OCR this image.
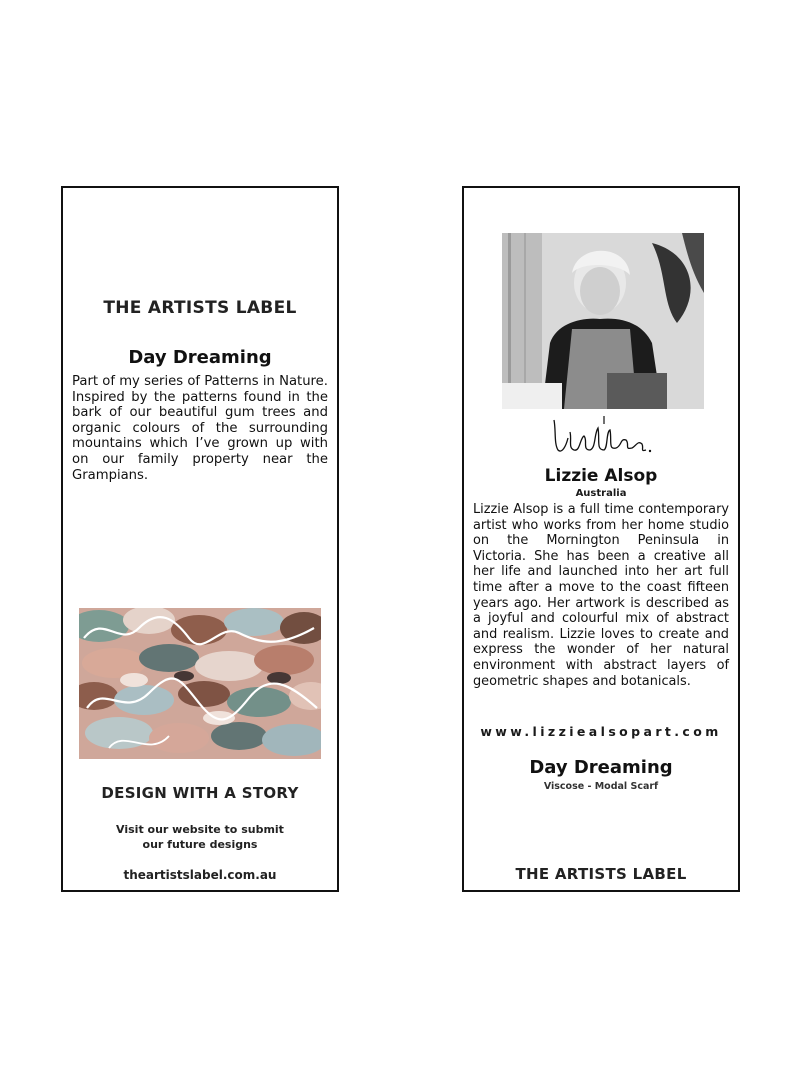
THE ARTISTS LABEL
Day Dreaming
Part of my series of Patterns in Nature. Inspired by the patterns found in the bark of our beautiful gum trees and organic colours of the surrounding mountains which I’ve grown up with on our family property near the Grampians.
DESIGN WITH A STORY
Visit our website to submit
our future designs
theartistslabel.com.au
Lizzie Alsop
Australia
Lizzie Alsop is a full time contemporary artist who works from her home studio on the Mornington Peninsula in Victoria. She has been a creative all her life and launched into her art full time after a move to the coast fifteen years ago. Her artwork is described as a joyful and colourful mix of abstract and realism. Lizzie loves to create and express the wonder of her natural environment with abstract layers of geometric shapes and botanicals.
www.lizziealsopart.com
Day Dreaming
Viscose - Modal Scarf
THE ARTISTS LABEL
